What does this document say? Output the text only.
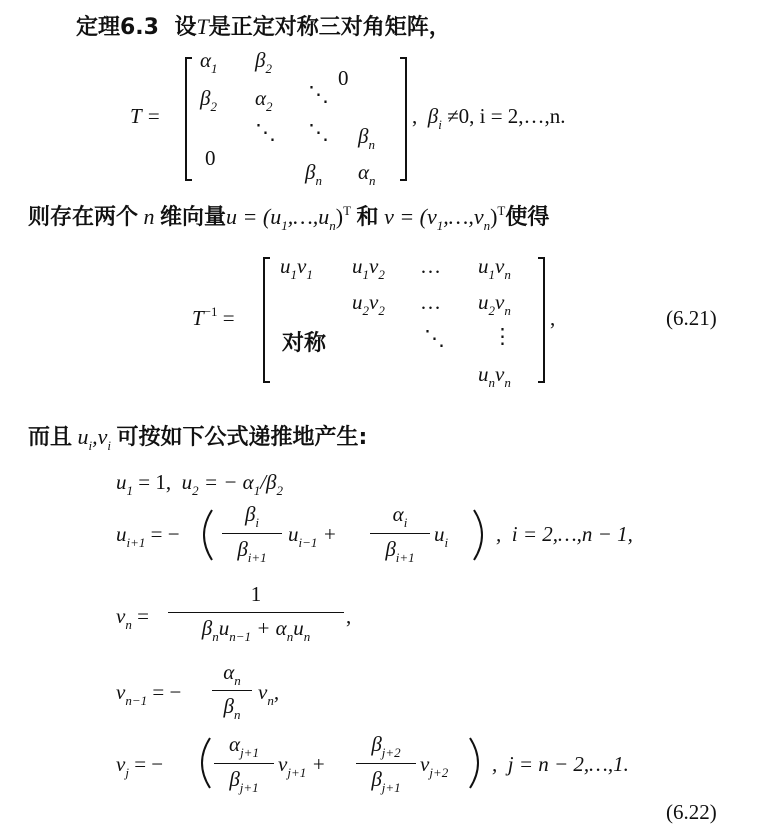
定理6.3 设T是正定对称三对角矩阵，
T =
$\alpha_1$ $\beta_2$
$\beta_2$ $\alpha_2$
⋱
0
⋱ ⋱ $\beta_n$
0
$\beta_n$ $\alpha_n$
,  $\beta_i \ne 0$, i = 2,…,n.
则存在两个 n 维向量$u = (u_1,\dots,u_n)^T$ 和 $v = (v_1,\dots,v_n)^T$使得
$T^{-1}$ =
$u_1v_1$ $u_1v_2$ … $u_1v_n$
$u_2v_2$ … $u_2v_n$
对称	⋱ ⋮
$u_nv_n$
,	(6.21)
而且 $u_i,v_i$ 可按如下公式递推地产生:
$u_1 = 1$, $u_2$ = − $\alpha_1/\beta_2$
$u_{i+1}$ = −
$\beta_i$
$\beta_{i+1}$
$u_{i-1}$ +
$\alpha_i$
$\beta_{i+1}$
$u_i$ ,  i = 2,…,n − 1,
$v_n$ =
1
$\beta_nu_{n-1} + \alpha_nu_n$
,
$v_{n-1}$ = −
$\alpha_n$
$\beta_n$
$v_n$,
$v_j$ = −
$\alpha_{j+1}$
$\beta_{j+1}$
$v_{j+1}$ +
$\beta_{j+2}$
$\beta_{j+1}$
$v_{j+2}$ ,  j = n − 2,…,1.
(6.22)
